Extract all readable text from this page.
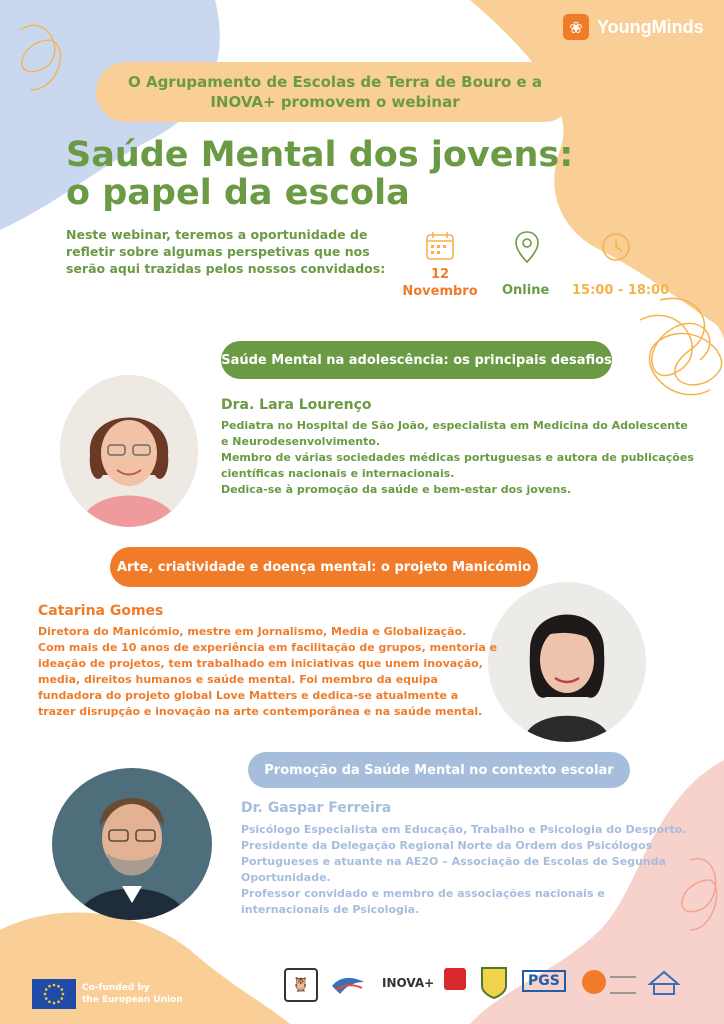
❀ YoungMinds
O Agrupamento de Escolas de Terra de Bouro e a
INOVA+ promovem o webinar
Saúde Mental dos jovens:
o papel da escola
Neste webinar, teremos a oportunidade de
refletir sobre algumas perspetivas que nos
serão aqui trazidas pelos nossos convidados:	12
Novembro	Online 15:00 - 18:00
Saúde Mental na adolescência: os principais desafios
Dra. Lara Lourenço
Pediatra no Hospital de São João, especialista em Medicina do Adolescente
e Neurodesenvolvimento.
Membro de várias sociedades médicas portuguesas e autora de publicações
científicas nacionais e internacionais.
Dedica-se à promoção da saúde e bem-estar dos jovens.
Arte, criatividade e doença mental: o projeto Manicómio
Catarina Gomes
Diretora do Manicómio, mestre em Jornalismo, Media e Globalização.
Com mais de 10 anos de experiência em facilitação de grupos, mentoria e
ideação de projetos, tem trabalhado em iniciativas que unem inovação,
media, direitos humanos e saúde mental. Foi membro da equipa
fundadora do projeto global Love Matters e dedica-se atualmente a
trazer disrupção e inovação na arte contemporânea e na saúde mental.
Promoção da Saúde Mental no contexto escolar
Dr. Gaspar Ferreira
Psicólogo Especialista em Educação, Trabalho e Psicologia do Desporto.
Presidente da Delegação Regional Norte da Ordem dos Psicólogos
Portugueses e atuante na AE2O – Associação de Escolas de Segunda
Oportunidade.
Professor convidado e membro de associações nacionais e
internacionais de Psicologia.
Co-funded by
the European Union
🦉	INOVA+	PGS
